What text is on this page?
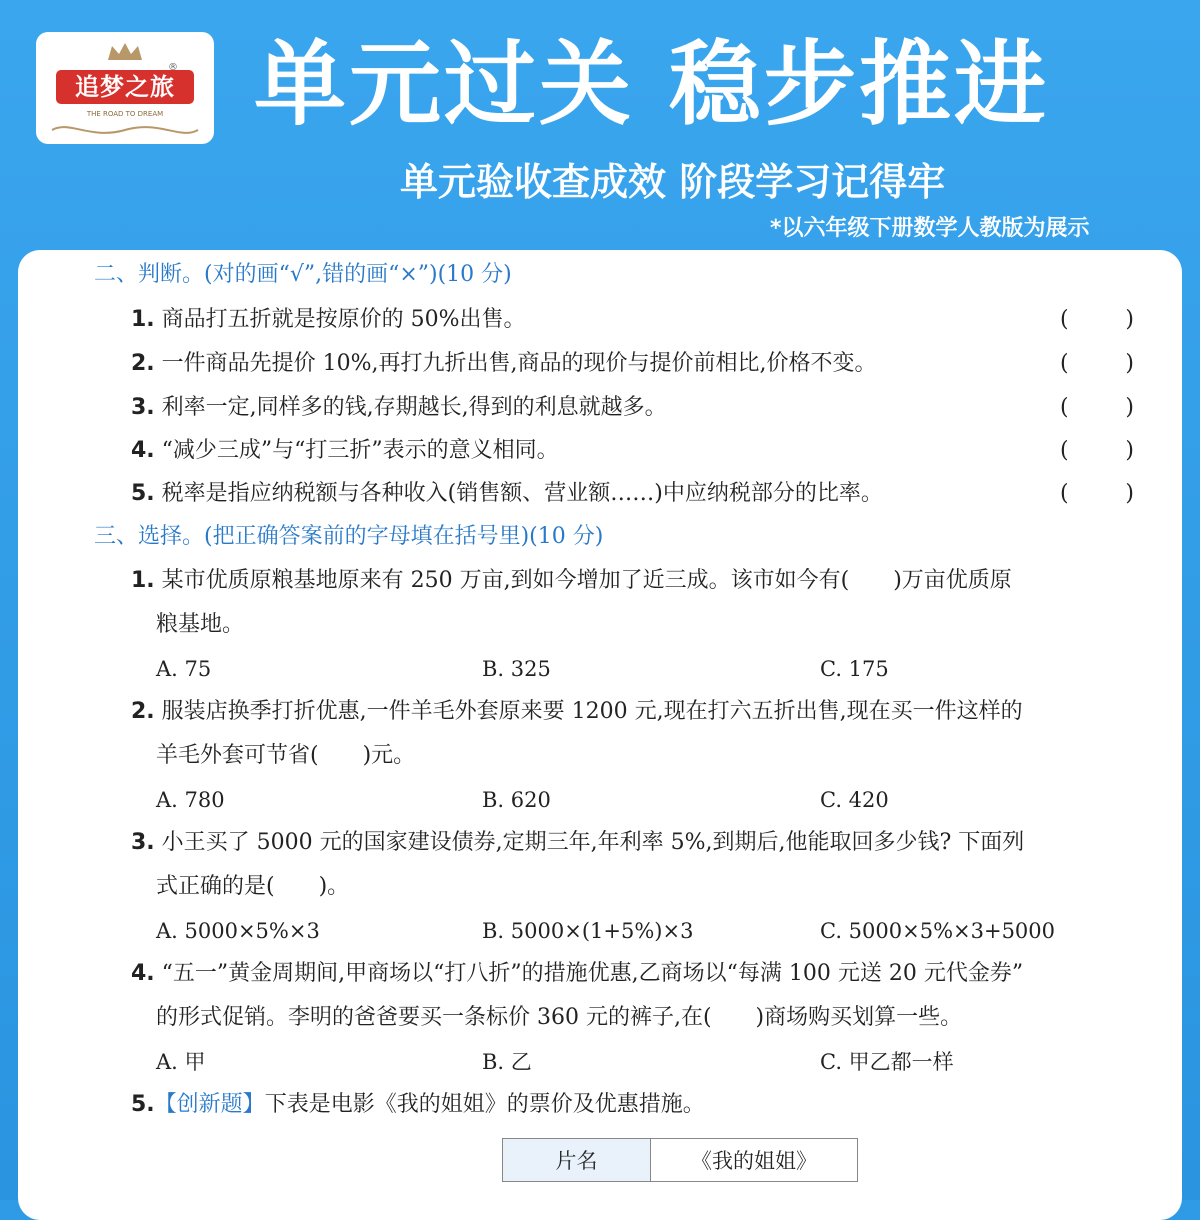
追梦之旅
®
THE ROAD TO DREAM 单元过关 稳步推进
单元验收查成效 阶段学习记得牢
*以六年级下册数学人教版为展示
二、判断。(对的画“√”,错的画“×”)(10 分)
1. 商品打五折就是按原价的 50%出售。	(	)
2. 一件商品先提价 10%,再打九折出售,商品的现价与提价前相比,价格不变。	(	)
3. 利率一定,同样多的钱,存期越长,得到的利息就越多。	(	)
4. “减少三成”与“打三折”表示的意义相同。	(	)
5. 税率是指应纳税额与各种收入(销售额、营业额……)中应纳税部分的比率。	(	)
三、选择。(把正确答案前的字母填在括号里)(10 分)
1. 某市优质原粮基地原来有 250 万亩,到如今增加了近三成。该市如今有(　　)万亩优质原
粮基地。
A. 75	B. 325	C. 175
2. 服装店换季打折优惠,一件羊毛外套原来要 1200 元,现在打六五折出售,现在买一件这样的
羊毛外套可节省(　　)元。
A. 780	B. 620	C. 420
3. 小王买了 5000 元的国家建设债券,定期三年,年利率 5%,到期后,他能取回多少钱? 下面列
式正确的是(　　)。
A. 5000×5%×3	B. 5000×(1+5%)×3	C. 5000×5%×3+5000
4. “五一”黄金周期间,甲商场以“打八折”的措施优惠,乙商场以“每满 100 元送 20 元代金券”
的形式促销。李明的爸爸要买一条标价 360 元的裤子,在(　　)商场购买划算一些。
A. 甲	B. 乙	C. 甲乙都一样
5.【创新题】下表是电影《我的姐姐》的票价及优惠措施。
片名	《我的姐姐》
